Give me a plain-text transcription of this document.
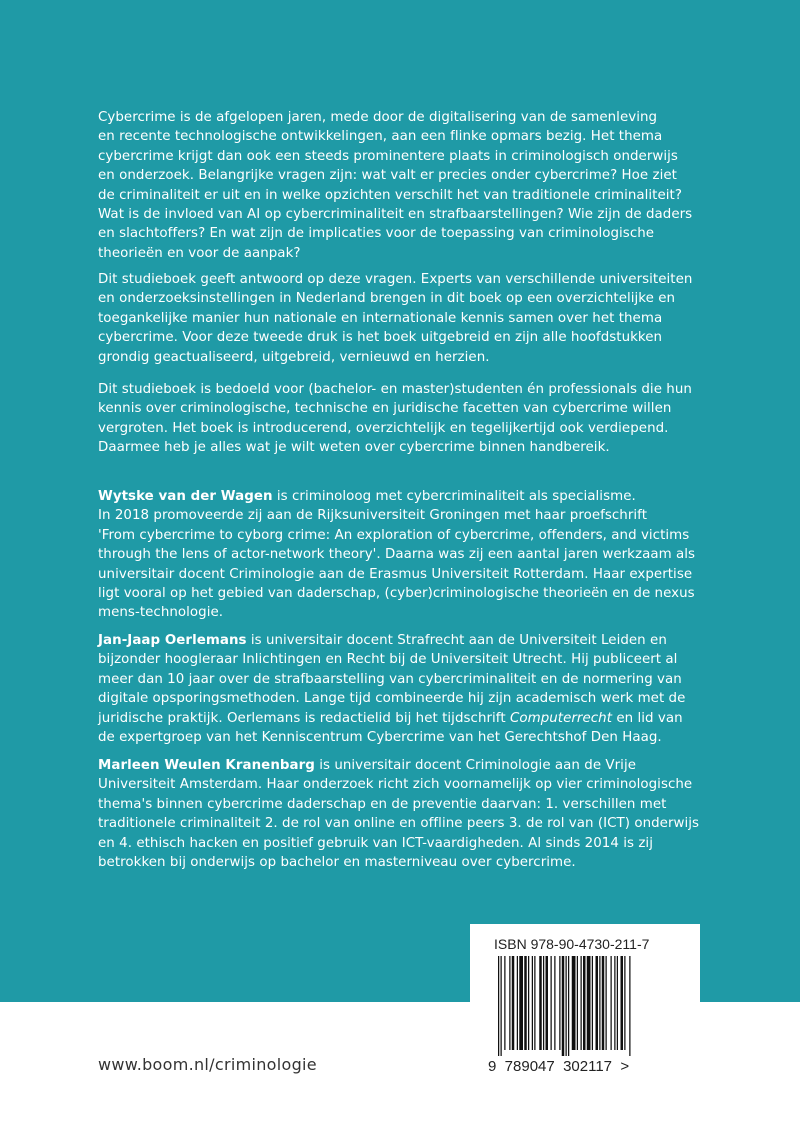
Cybercrime is de afgelopen jaren, mede door de digitalisering van de samenleving
en recente technologische ontwikkelingen, aan een flinke opmars bezig. Het thema
cybercrime krijgt dan ook een steeds prominentere plaats in criminologisch onderwijs
en onderzoek. Belangrijke vragen zijn: wat valt er precies onder cybercrime? Hoe ziet
de criminaliteit er uit en in welke opzichten verschilt het van traditionele criminaliteit?
Wat is de invloed van AI op cybercriminaliteit en strafbaarstellingen? Wie zijn de daders
en slachtoffers? En wat zijn de implicaties voor de toepassing van criminologische
theorieën en voor de aanpak?

Dit studieboek geeft antwoord op deze vragen. Experts van verschillende universiteiten
en onderzoeksinstellingen in Nederland brengen in dit boek op een overzichtelijke en
toegankelijke manier hun nationale en internationale kennis samen over het thema
cybercrime. Voor deze tweede druk is het boek uitgebreid en zijn alle hoofdstukken
grondig geactualiseerd, uitgebreid, vernieuwd en herzien.

Dit studieboek is bedoeld voor (bachelor- en master)studenten én professionals die hun
kennis over criminologische, technische en juridische facetten van cybercrime willen
vergroten. Het boek is introducerend, overzichtelijk en tegelijkertijd ook verdiepend.
Daarmee heb je alles wat je wilt weten over cybercrime binnen handbereik.

Wytske van der Wagen is criminoloog met cybercriminaliteit als specialisme.
In 2018 promoveerde zij aan de Rijksuniversiteit Groningen met haar proefschrift
'From cybercrime to cyborg crime: An exploration of cybercrime, offenders, and victims
through the lens of actor-network theory'. Daarna was zij een aantal jaren werkzaam als
universitair docent Criminologie aan de Erasmus Universiteit Rotterdam. Haar expertise
ligt vooral op het gebied van daderschap, (cyber)criminologische theorieën en de nexus
mens-technologie.

Jan-Jaap Oerlemans is universitair docent Strafrecht aan de Universiteit Leiden en
bijzonder hoogleraar Inlichtingen en Recht bij de Universiteit Utrecht. Hij publiceert al
meer dan 10 jaar over de strafbaarstelling van cybercriminaliteit en de normering van
digitale opsporingsmethoden. Lange tijd combineerde hij zijn academisch werk met de
juridische praktijk. Oerlemans is redactielid bij het tijdschrift Computerrecht en lid van
de expertgroep van het Kenniscentrum Cybercrime van het Gerechtshof Den Haag.

Marleen Weulen Kranenbarg is universitair docent Criminologie aan de Vrije
Universiteit Amsterdam. Haar onderzoek richt zich voornamelijk op vier criminologische
thema's binnen cybercrime daderschap en de preventie daarvan: 1. verschillen met
traditionele criminaliteit 2. de rol van online en offline peers 3. de rol van (ICT) onderwijs
en 4. ethisch hacken en positief gebruik van ICT-vaardigheden. Al sinds 2014 is zij
betrokken bij onderwijs op bachelor en masterniveau over cybercrime.

www.boom.nl/criminologie
ISBN 978-90-4730-211-7
9  789047  302117  >
